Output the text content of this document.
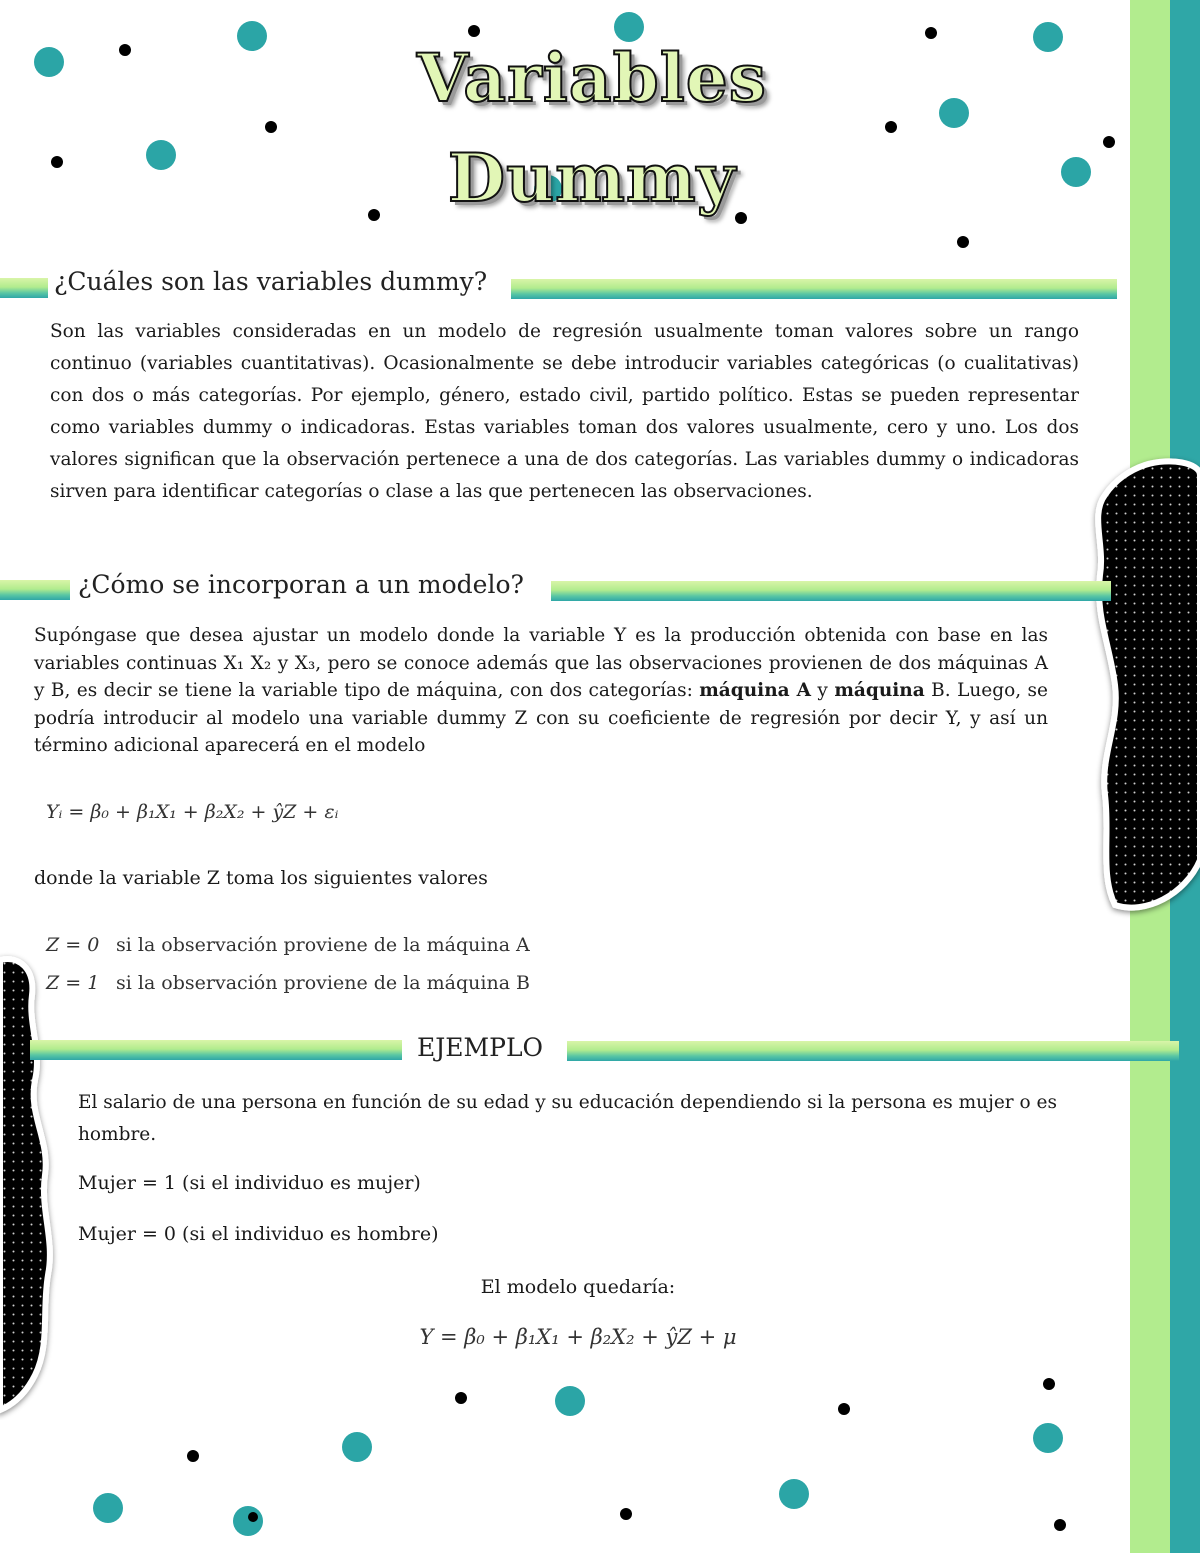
Variables Dummy
¿Cuáles son las variables dummy?
Son las variables consideradas en un modelo de regresión usualmente toman valores sobre un rango continuo (variables cuantitativas). Ocasionalmente se debe introducir variables categóricas (o cualitativas) con dos o más categorías. Por ejemplo, género, estado civil, partido político. Estas se pueden representar como variables dummy o indicadoras. Estas variables toman dos valores usualmente, cero y uno. Los dos valores significan que la observación pertenece a una de dos categorías. Las variables dummy o indicadoras sirven para identificar categorías o clase a las que pertenecen las observaciones.
¿Cómo se incorporan a un modelo?
Supóngase que desea ajustar un modelo donde la variable Y es la producción obtenida con base en las variables continuas X₁ X₂ y X₃, pero se conoce además que las observaciones provienen de dos máquinas A y B, es decir se tiene la variable tipo de máquina, con dos categorías: máquina A y máquina B. Luego, se podría introducir al modelo una variable dummy Z con su coeficiente de regresión por decir Y, y así un término adicional aparecerá en el modelo
Yᵢ = β₀ + β₁X₁ + β₂X₂ + ŷZ + εᵢ
donde la variable Z toma los siguientes valores
Z = 0 si la observación proviene de la máquina A
Z = 1 si la observación proviene de la máquina B
EJEMPLO
El salario de una persona en función de su edad y su educación dependiendo si la persona es mujer o es hombre.
Mujer = 1 (si el individuo es mujer)
Mujer = 0 (si el individuo es hombre)
El modelo quedaría:
Y = β₀ + β₁X₁ + β₂X₂ + ŷZ + μ
